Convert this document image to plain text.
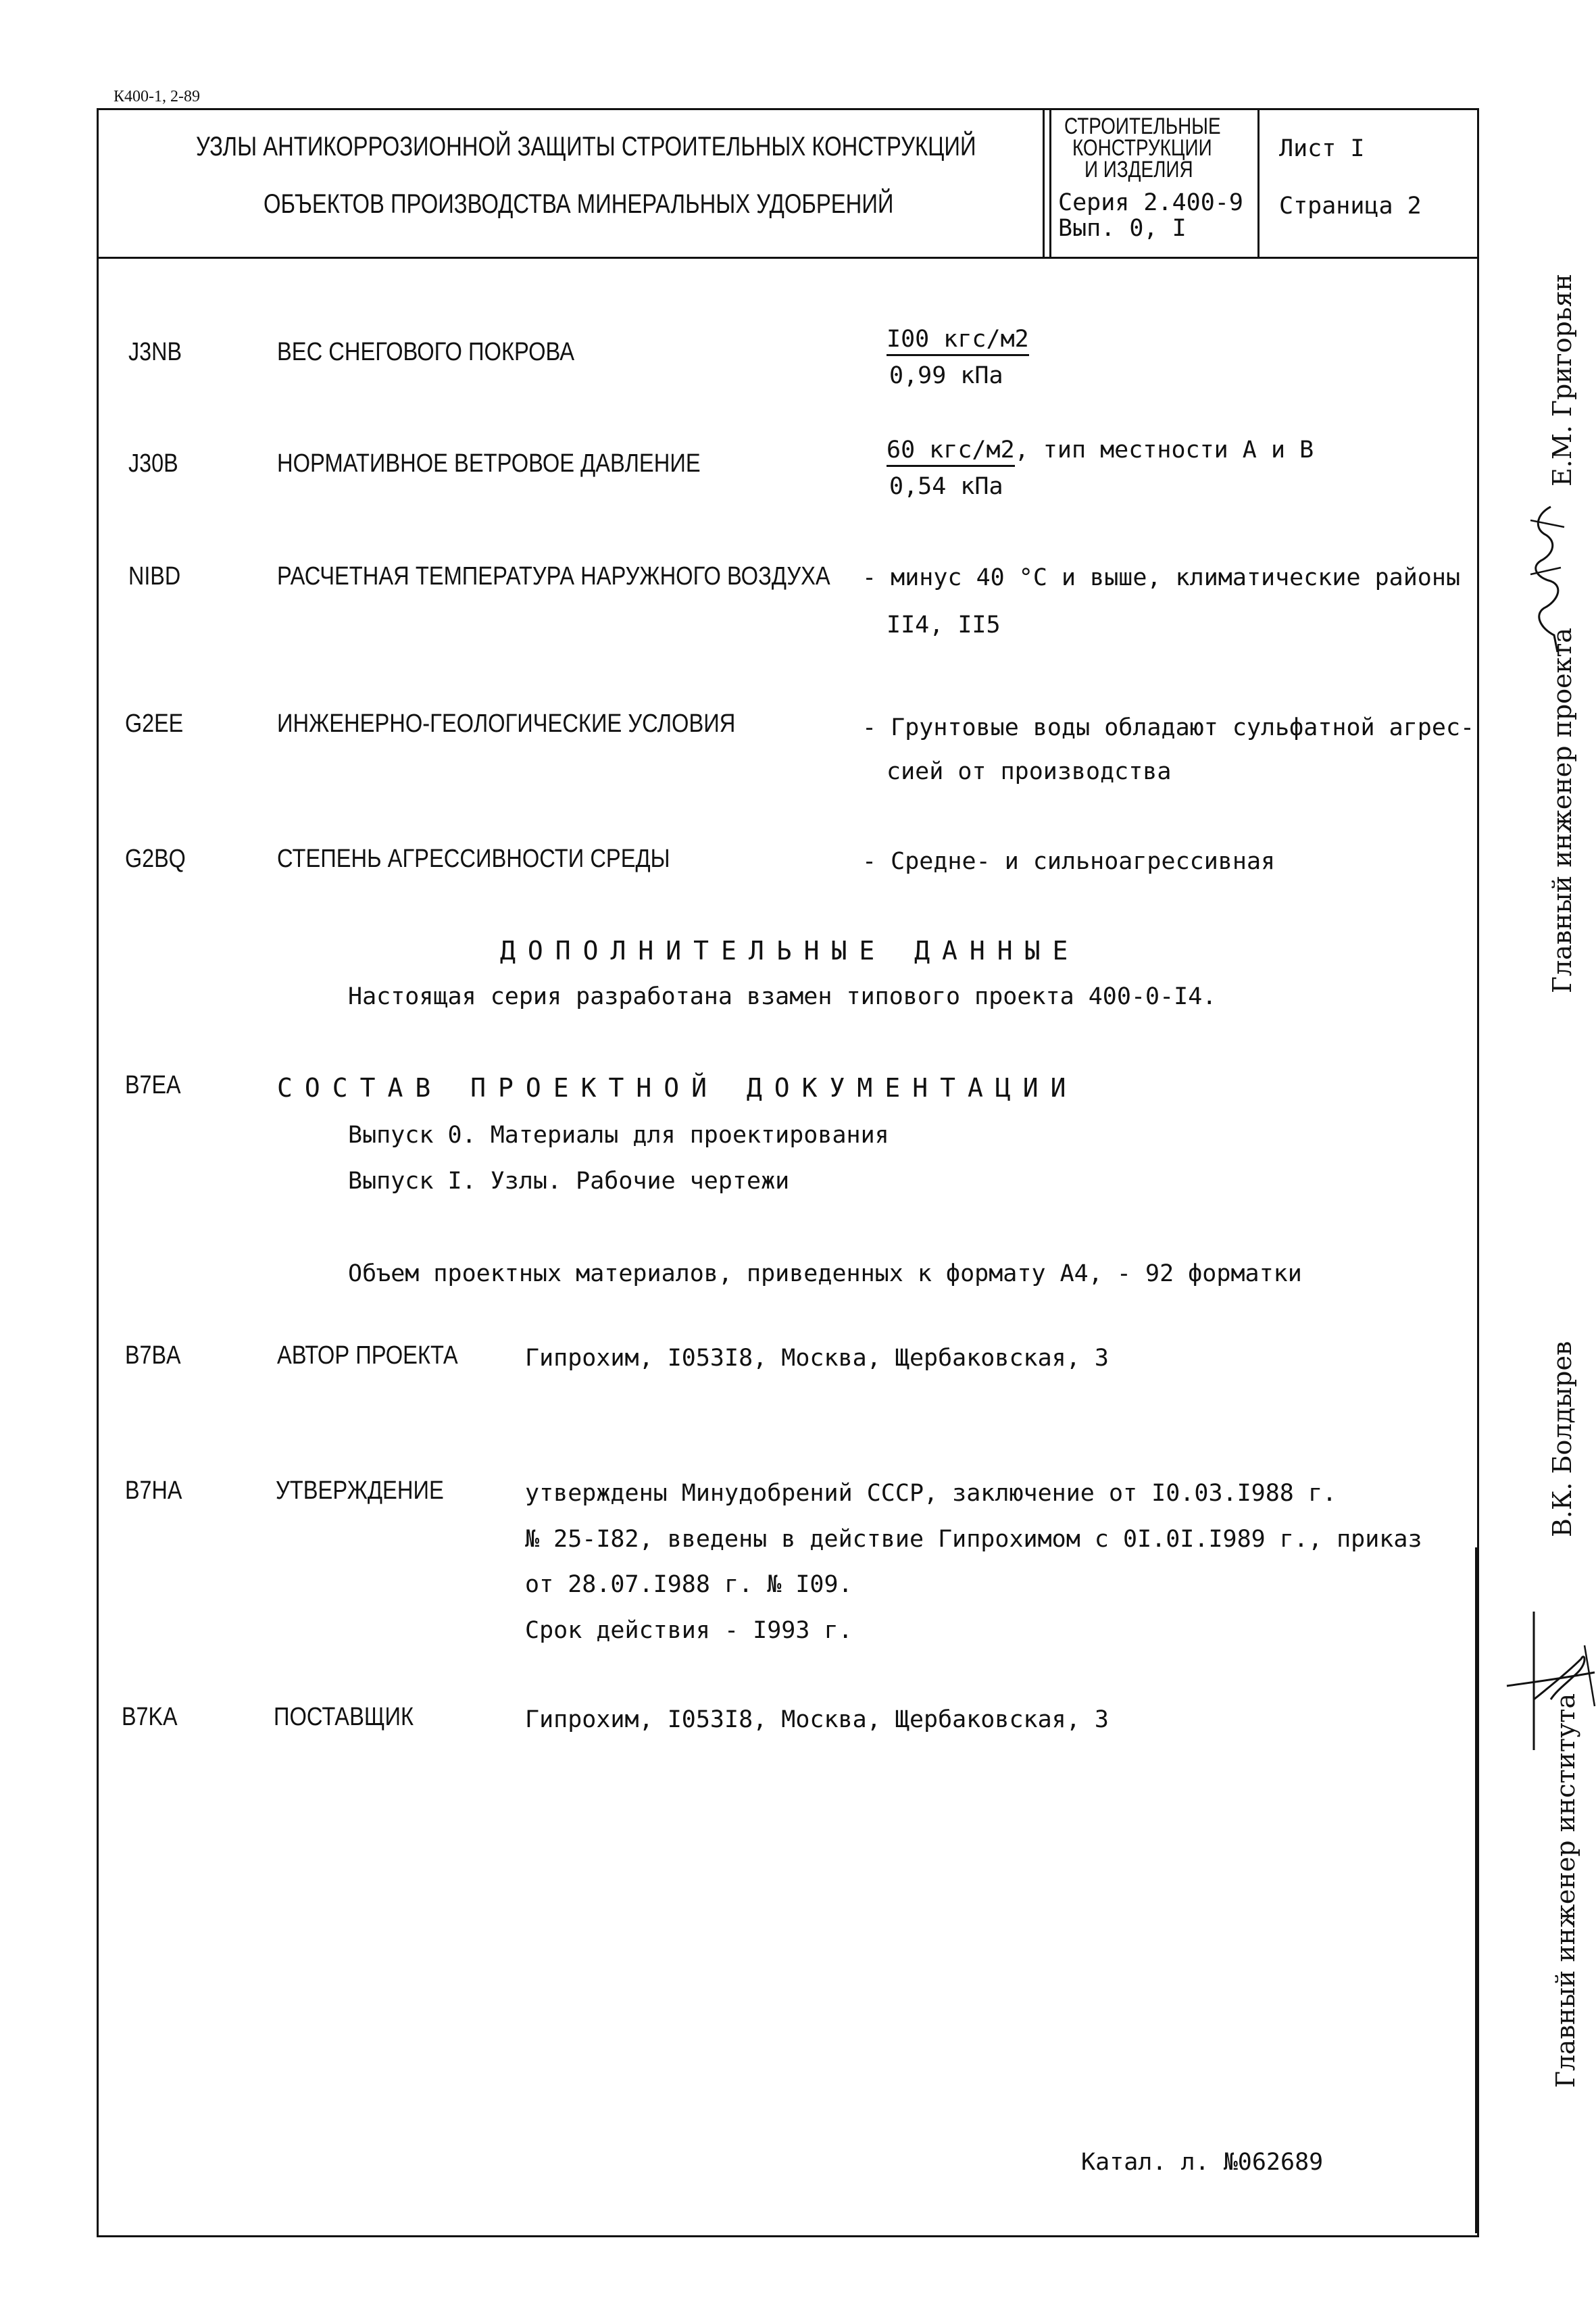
К400-1, 2-89
УЗЛЫ АНТИКОРРОЗИОННОЙ ЗАЩИТЫ СТРОИТЕЛЬНЫХ КОНСТРУКЦИЙ
ОБЪЕКТОВ ПРОИЗВОДСТВА МИНЕРАЛЬНЫХ УДОБРЕНИЙ
СТРОИТЕЛЬНЫЕ
КОНСТРУКЦИИ
И ИЗДЕЛИЯ
Серия 2.400-9
Вып. 0, I
Лист I
Страница 2
J3NB	ВЕС СНЕГОВОГО ПОКРОВА	I00 кгс/м2
0,99 кПа
J30B	НОРМАТИВНОЕ ВЕТРОВОЕ ДАВЛЕНИЕ	60 кгс/м2, тип местности А и В
0,54 кПа
NIBD	РАСЧЕТНАЯ ТЕМПЕРАТУРА НАРУЖНОГО ВОЗДУХА - минус 40 °С и выше, климатические районы
II4, II5
G2EE	ИНЖЕНЕРНО-ГЕОЛОГИЧЕСКИЕ УСЛОВИЯ	- Грунтовые воды обладают сульфатной агрес-
сией от производства
G2BQ	СТЕПЕНЬ АГРЕССИВНОСТИ СРЕДЫ	- Средне- и сильноагрессивная
ДОПОЛНИТЕЛЬНЫЕ ДАННЫЕ
Настоящая серия разработана взамен типового проекта 400-0-I4.
B7EA	СОСТАВ ПРОЕКТНОЙ ДОКУМЕНТАЦИИ
Выпуск 0. Материалы для проектирования
Выпуск I. Узлы. Рабочие чертежи
Объем проектных материалов, приведенных к формату А4, - 92 форматки
B7BA	АВТОР ПРОЕКТА	Гипрохим, I053I8, Москва, Щербаковская, 3
B7HA	УТВЕРЖДЕНИЕ	утверждены Минудобрений СССР, заключение от I0.03.I988 г.
№ 25-I82, введены в действие Гипрохимом с 0I.0I.I989 г., приказ
от 28.07.I988 г. № I09.
Срок действия - I993 г.
B7KA	ПОСТАВЩИК	Гипрохим, I053I8, Москва, Щербаковская, 3
Катал. л. №062689
Главный инженер проекта
Е.М. Григорьян
Главный инженер института
В.К. Болдырев
